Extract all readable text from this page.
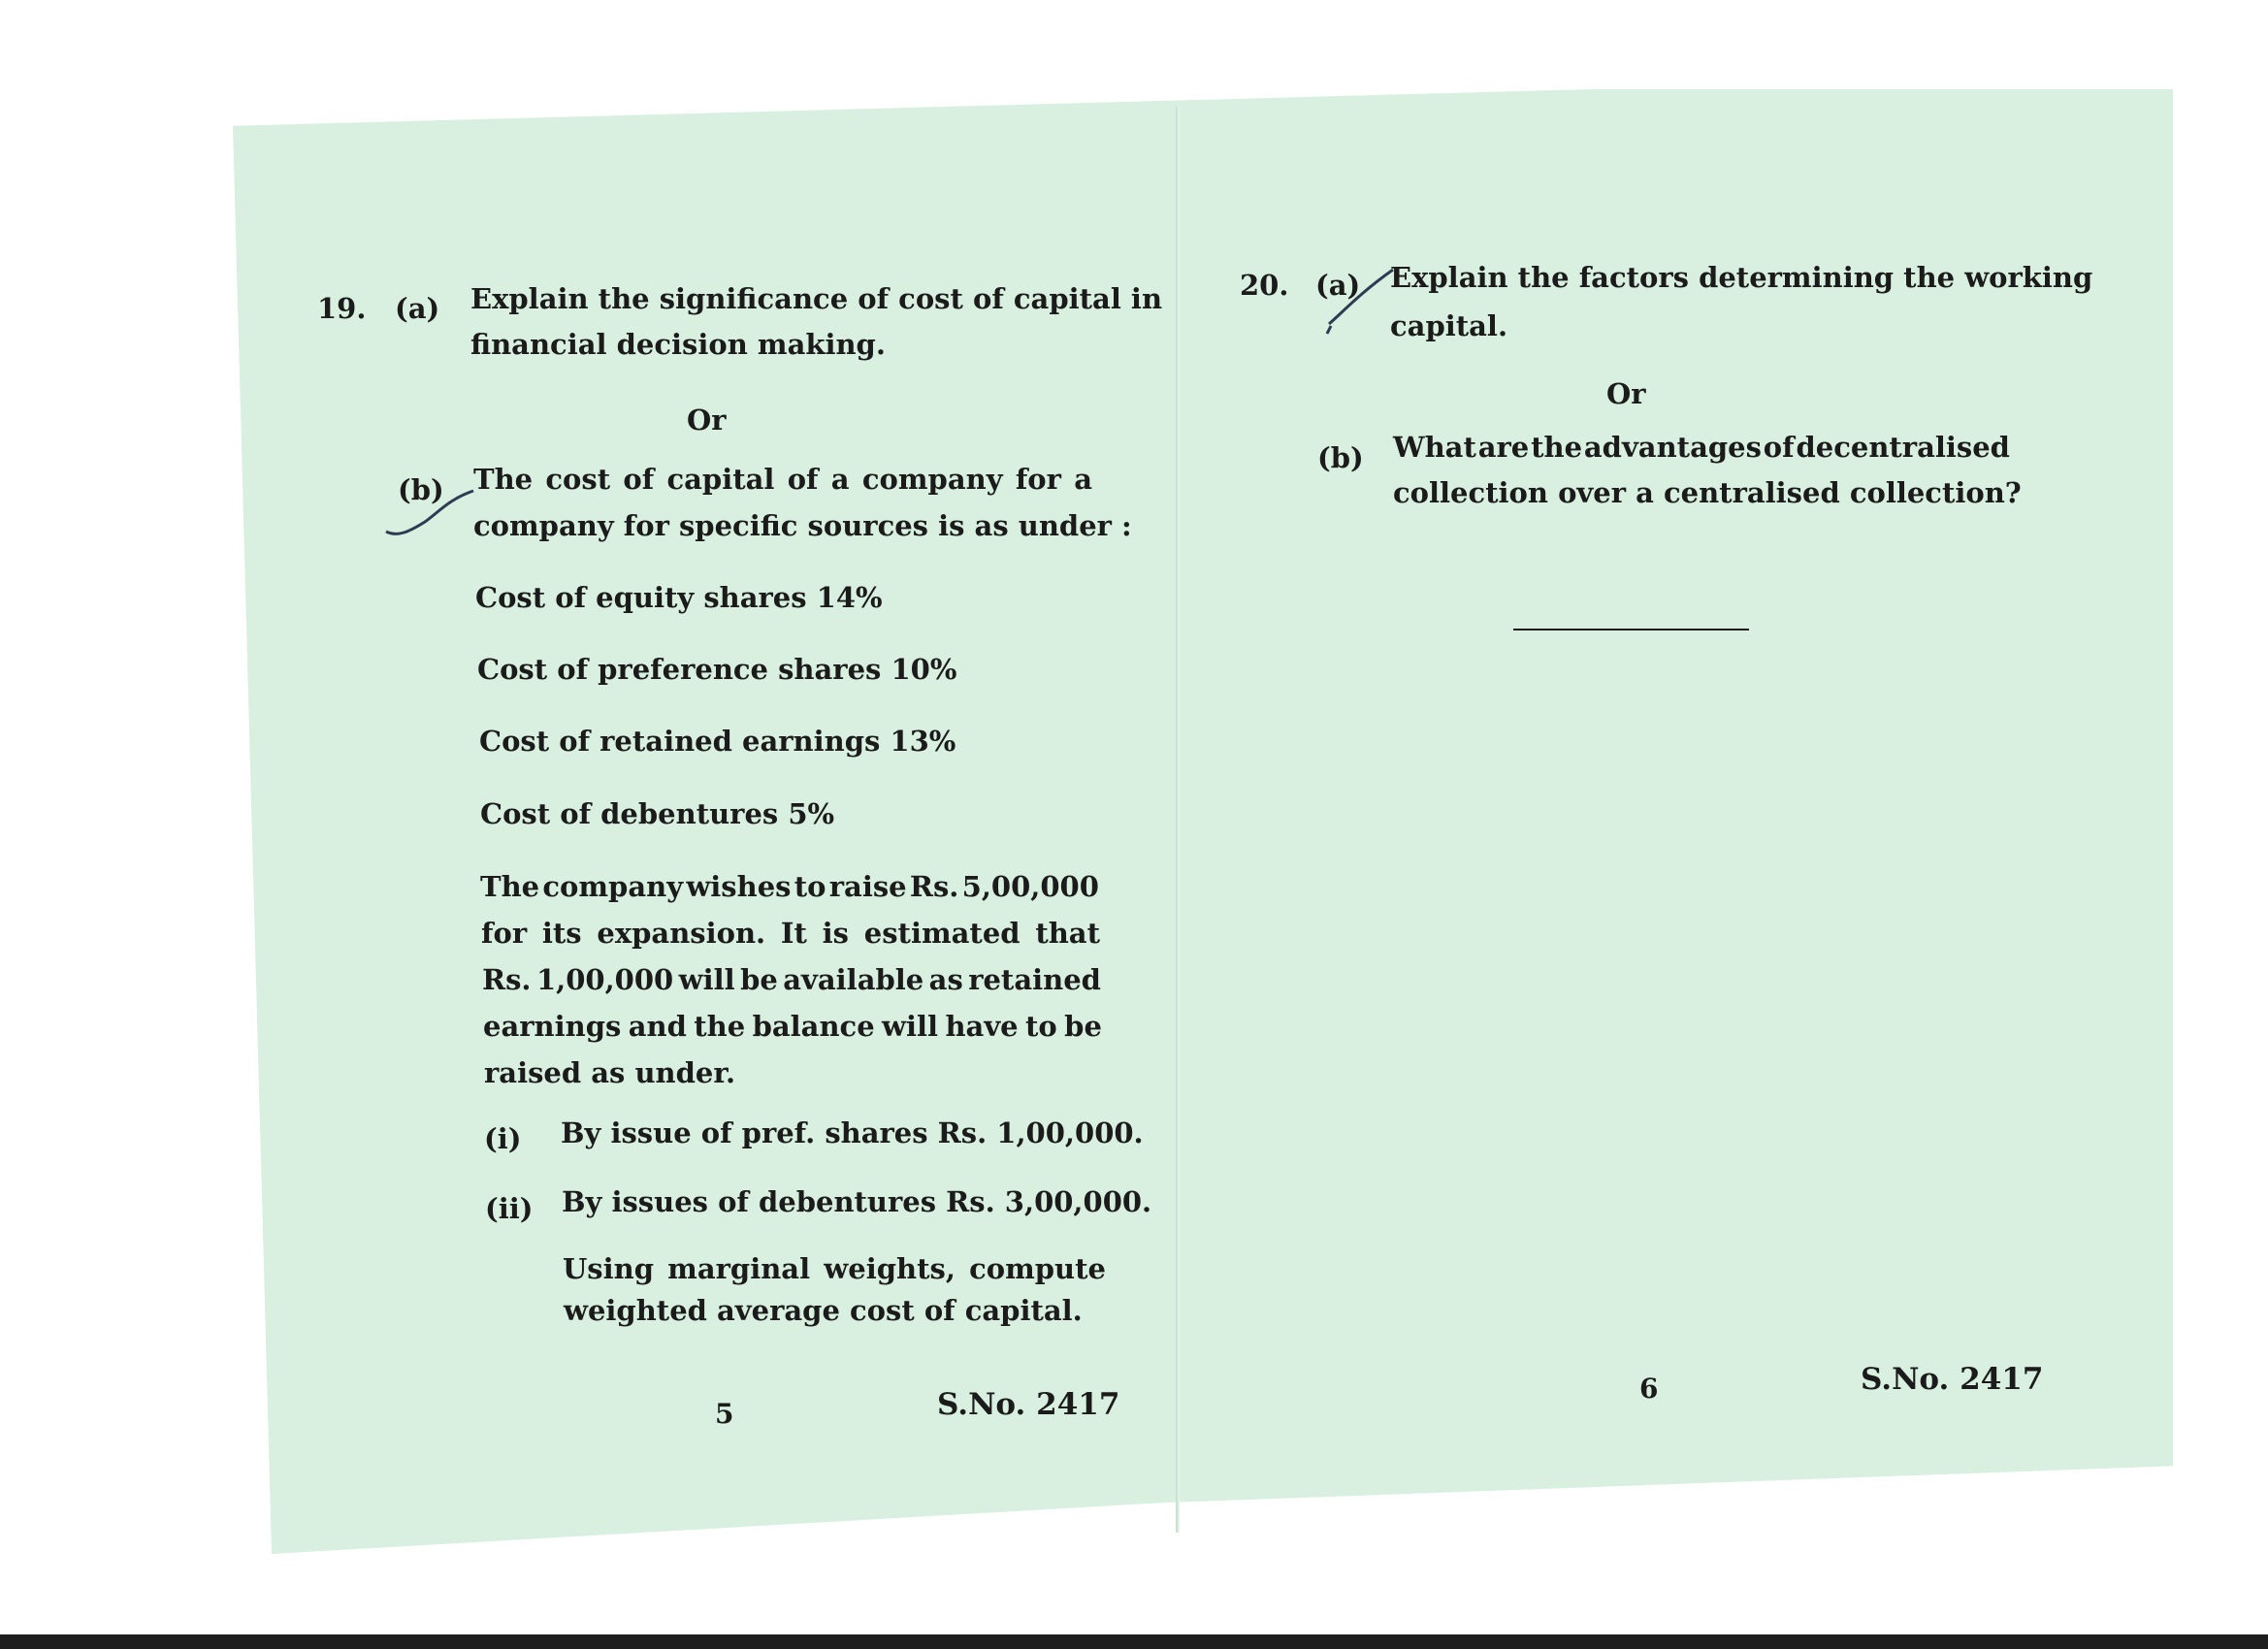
19. (a) Explain the significance of cost of capital in
financial decision making.
Or
(b) The cost of capital of a company for a
company for specific sources is as under :
Cost of equity shares 14%
Cost of preference shares 10%
Cost of retained earnings 13%
Cost of debentures 5%
The company wishes to raise Rs. 5,00,000
for its expansion. It is estimated that
Rs. 1,00,000 will be available as retained
earnings and the balance will have to be
raised as under.
(i) By issue of pref. shares Rs. 1,00,000.
(ii) By issues of debentures Rs. 3,00,000.
Using marginal weights, compute
weighted average cost of capital.
5	S.No. 2417
20. (a) Explain the factors determining the working
capital.
Or
(b) What are the advantages of decentralised
collection over a centralised collection?
6	S.No. 2417
